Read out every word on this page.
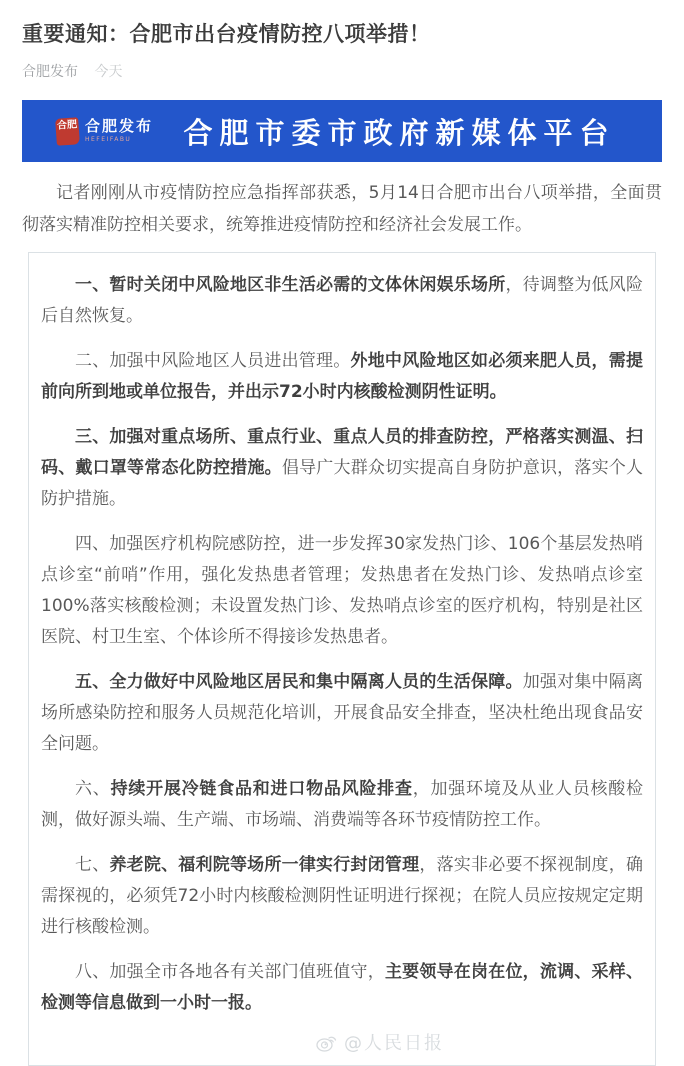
重要通知：合肥市出台疫情防控八项举措！
合肥发布 今天
合肥 合肥发布
HEFEIFABU	合肥市委市政府新媒体平台

记者刚刚从市疫情防控应急指挥部获悉，5月14日合肥市出台八项举措，全面贯彻落实精准防控相关要求，统筹推进疫情防控和经济社会发展工作。

一、暂时关闭中风险地区非生活必需的文体休闲娱乐场所，待调整为低风险后自然恢复。

二、加强中风险地区人员进出管理。外地中风险地区如必须来肥人员，需提前向所到地或单位报告，并出示72小时内核酸检测阴性证明。

三、加强对重点场所、重点行业、重点人员的排查防控，严格落实测温、扫码、戴口罩等常态化防控措施。倡导广大群众切实提高自身防护意识，落实个人防护措施。

四、加强医疗机构院感防控，进一步发挥30家发热门诊、106个基层发热哨点诊室“前哨”作用，强化发热患者管理；发热患者在发热门诊、发热哨点诊室100%落实核酸检测；未设置发热门诊、发热哨点诊室的医疗机构，特别是社区医院、村卫生室、个体诊所不得接诊发热患者。

五、全力做好中风险地区居民和集中隔离人员的生活保障。加强对集中隔离场所感染防控和服务人员规范化培训，开展食品安全排查，坚决杜绝出现食品安全问题。

六、持续开展冷链食品和进口物品风险排查，加强环境及从业人员核酸检测，做好源头端、生产端、市场端、消费端等各环节疫情防控工作。

七、养老院、福利院等场所一律实行封闭管理，落实非必要不探视制度，确需探视的，必须凭72小时内核酸检测阴性证明进行探视；在院人员应按规定定期进行核酸检测。

八、加强全市各地各有关部门值班值守，主要领导在岗在位，流调、采样、检测等信息做到一小时一报。

@人民日报
